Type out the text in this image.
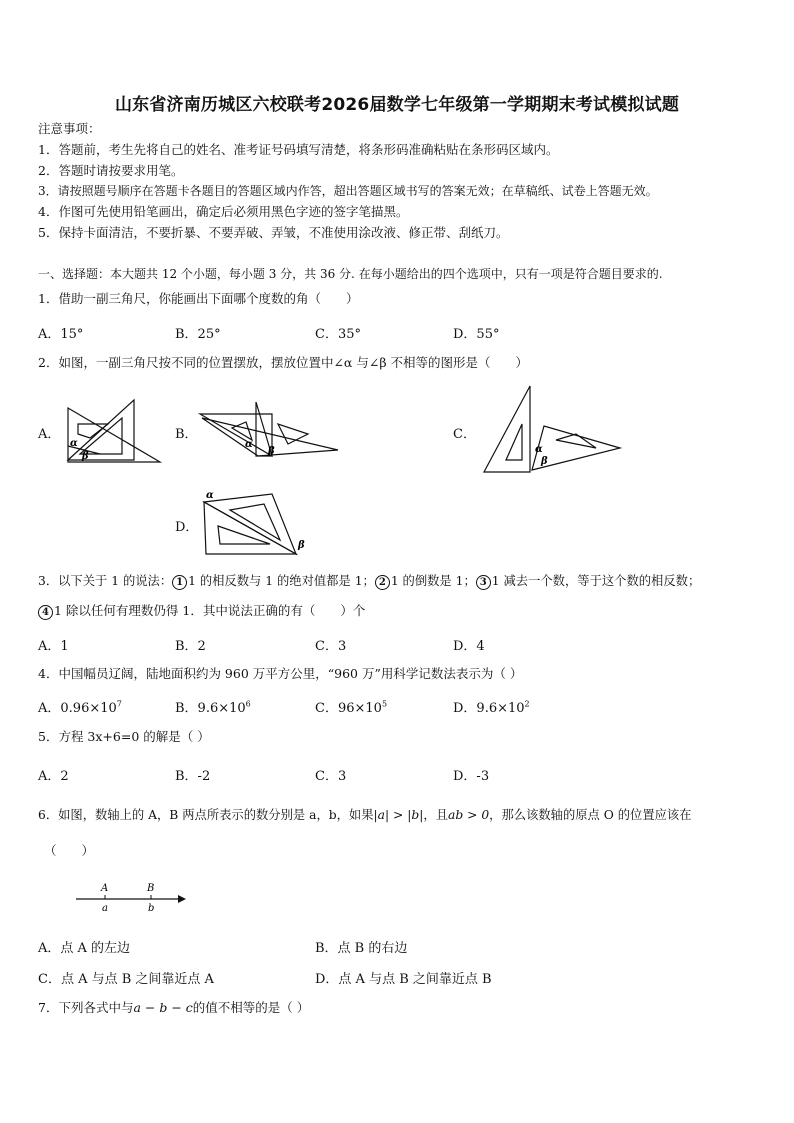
山东省济南历城区六校联考2026届数学七年级第一学期期末考试模拟试题
注意事项：
1．答题前，考生先将自己的姓名、准考证号码填写清楚，将条形码准确粘贴在条形码区域内。
2．答题时请按要求用笔。
3．请按照题号顺序在答题卡各题目的答题区域内作答，超出答题区域书写的答案无效；在草稿纸、试卷上答题无效。
4．作图可先使用铅笔画出，确定后必须用黑色字迹的签字笔描黑。
5．保持卡面清洁，不要折暴、不要弄破、弄皱，不准使用涂改液、修正带、刮纸刀。
一、选择题：本大题共 12 个小题，每小题 3 分，共 36 分. 在每小题给出的四个选项中，只有一项是符合题目要求的.
1．借助一副三角尺，你能画出下面哪个度数的角（　　）
A．15°	B．25°	C．35°	D．55°
2．如图，一副三角尺按不同的位置摆放，摆放位置中∠α 与∠β 不相等的图形是（　　）
A．	B．	C．
D．
α
β
α
β	α
β
α
β
3．以下关于 1 的说法： 1 1 的相反数与 1 的绝对值都是 1； 2 1 的倒数是 1； 3 1 减去一个数，等于这个数的相反数；
4 1 除以任何有理数仍得 1．其中说法正确的有（　　）个
A．1	B．2	C．3	D．4
4．中国幅员辽阔，陆地面积约为 960 万平方公里，“960 万”用科学记数法表示为（ ）
A．$0.96\times 10^7$	B．$9.6\times 10^6$	C．$96\times 10^5$	D．$9.6\times 10^2$
5．方程 3x+6=0 的解是（ ）
A．2	B．-2	C．3	D．-3
6．如图，数轴上的 A，B 两点所表示的数分别是 a，b，如果|a| > |b|，且ab > 0，那么该数轴的原点 O 的位置应该在
（　　）
A	B
a	b
A．点 A 的左边	B．点 B 的右边
C．点 A 与点 B 之间靠近点 A	D．点 A 与点 B 之间靠近点 B
7．下列各式中与a − b − c的值不相等的是（ ）
